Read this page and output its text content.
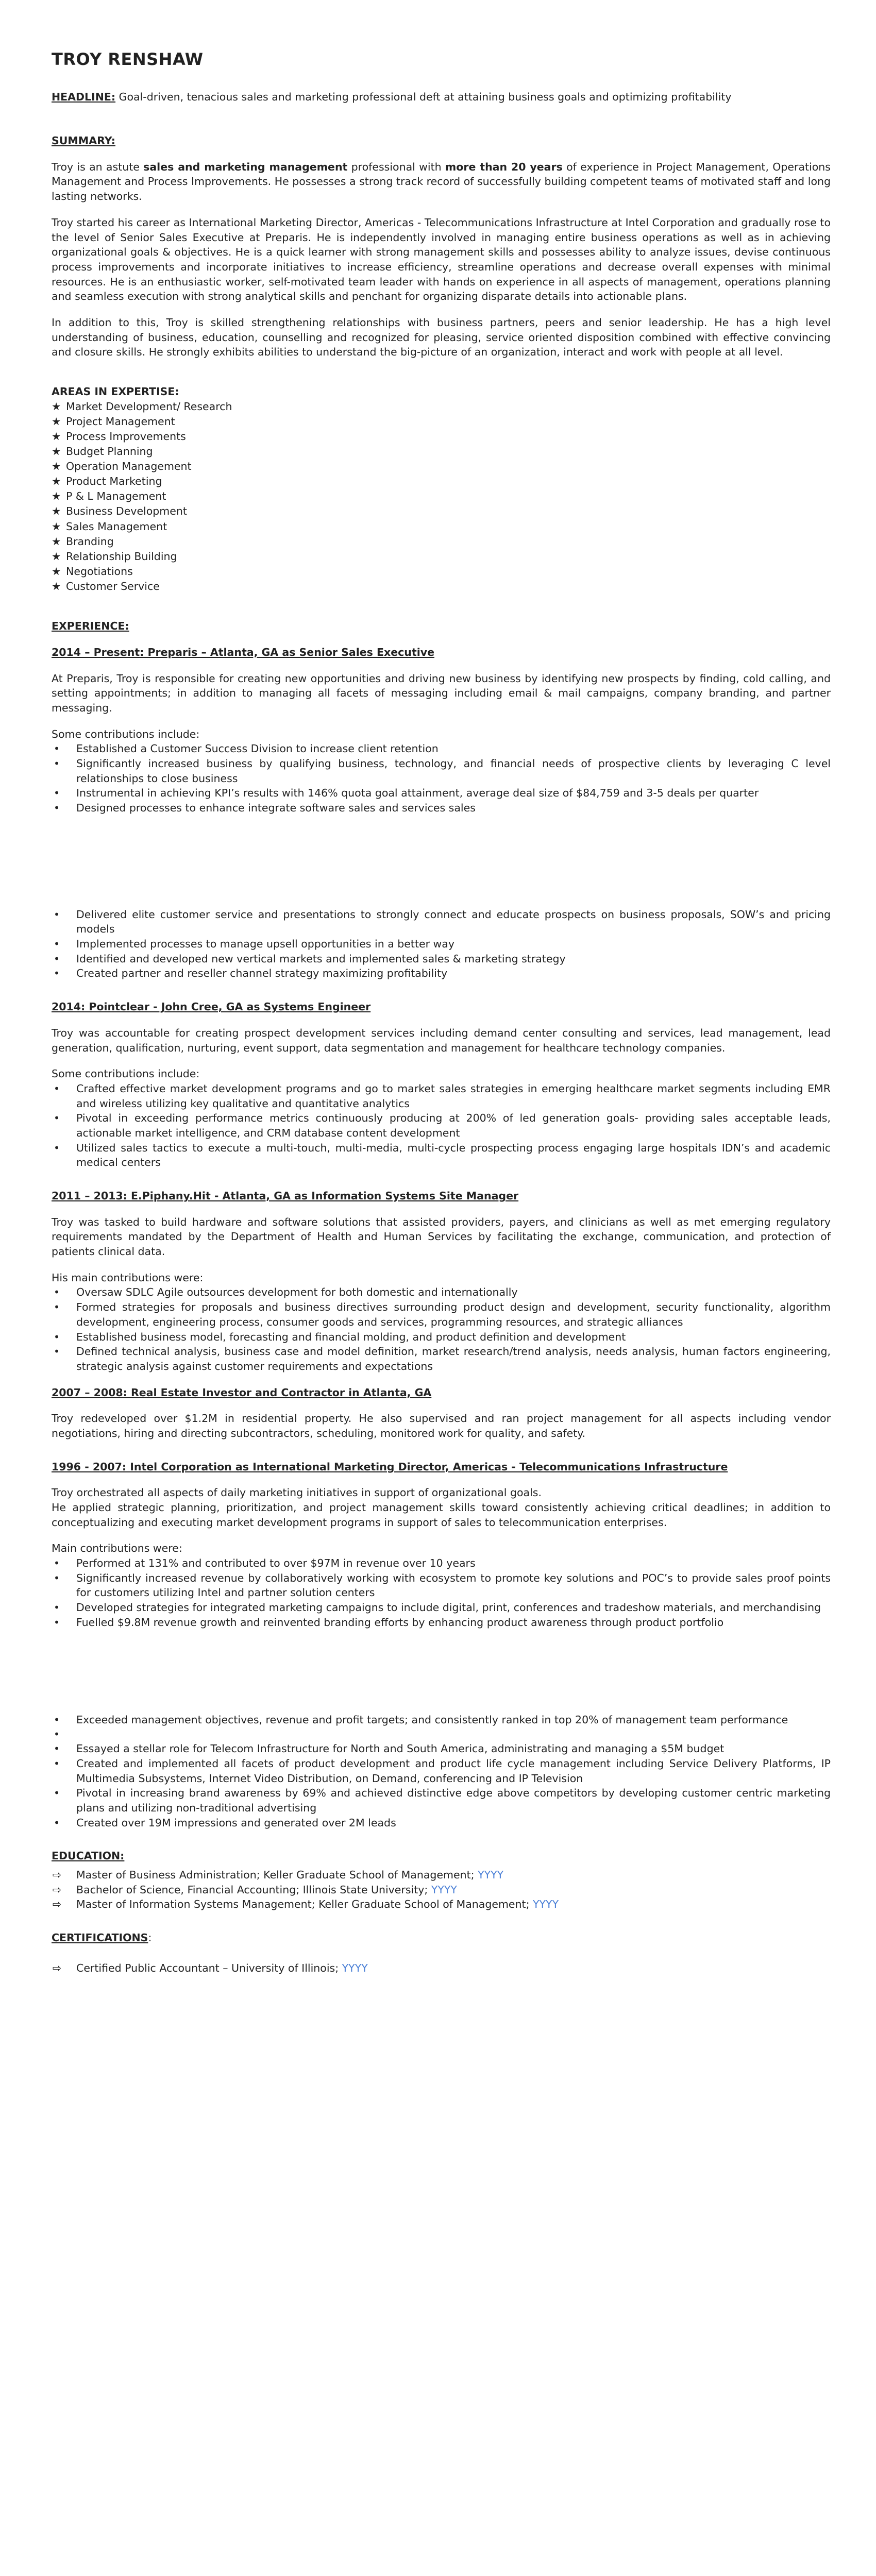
TROY RENSHAW

HEADLINE: Goal-driven, tenacious sales and marketing professional deft at attaining business goals and optimizing profitability

SUMMARY:

Troy is an astute sales and marketing management professional with more than 20 years of experience in Project Management, Operations Management and Process Improvements. He possesses a strong track record of successfully building competent teams of motivated staff and long lasting networks.

Troy started his career as International Marketing Director, Americas - Telecommunications Infrastructure at Intel Corporation and gradually rose to the level of Senior Sales Executive at Preparis. He is independently involved in managing entire business operations as well as in achieving organizational goals & objectives. He is a quick learner with strong management skills and possesses ability to analyze issues, devise continuous process improvements and incorporate initiatives to increase efficiency, streamline operations and decrease overall expenses with minimal resources. He is an enthusiastic worker, self-motivated team leader with hands on experience in all aspects of management, operations planning and seamless execution with strong analytical skills and penchant for organizing disparate details into actionable plans.

In addition to this, Troy is skilled strengthening relationships with business partners, peers and senior leadership. He has a high level understanding of business, education, counselling and recognized for pleasing, service oriented disposition combined with effective convincing and closure skills. He strongly exhibits abilities to understand the big-picture of an organization, interact and work with people at all level.

AREAS IN EXPERTISE:

★ Market Development/ Research
★ Project Management
★ Process Improvements
★ Budget Planning
★ Operation Management
★ Product Marketing
★ P & L Management
★ Business Development
★ Sales Management
★ Branding
★ Relationship Building
★ Negotiations
★ Customer Service

EXPERIENCE:

2014 – Present: Preparis – Atlanta, GA as Senior Sales Executive

At Preparis, Troy is responsible for creating new opportunities and driving new business by identifying new prospects by finding, cold calling, and setting appointments; in addition to managing all facets of messaging including email & mail campaigns, company branding, and partner messaging.

Some contributions include:

• Established a Customer Success Division to increase client retention
• Significantly increased business by qualifying business, technology, and financial needs of prospective clients by leveraging C level relationships to close business
• Instrumental in achieving KPI’s results with 146% quota goal attainment, average deal size of $84,759 and 3-5 deals per quarter
• Designed processes to enhance integrate software sales and services sales
• Delivered elite customer service and presentations to strongly connect and educate prospects on business proposals, SOW’s and pricing models
• Implemented processes to manage upsell opportunities in a better way
• Identified and developed new vertical markets and implemented sales & marketing strategy
• Created partner and reseller channel strategy maximizing profitability

2014: Pointclear - John Cree, GA as Systems Engineer

Troy was accountable for creating prospect development services including demand center consulting and services, lead management, lead generation, qualification, nurturing, event support, data segmentation and management for healthcare technology companies.

Some contributions include:

• Crafted effective market development programs and go to market sales strategies in emerging healthcare market segments including EMR and wireless utilizing key qualitative and quantitative analytics
• Pivotal in exceeding performance metrics continuously producing at 200% of led generation goals- providing sales acceptable leads, actionable market intelligence, and CRM database content development
• Utilized sales tactics to execute a multi-touch, multi-media, multi-cycle prospecting process engaging large hospitals IDN’s and academic medical centers

2011 – 2013: E.Piphany.Hit - Atlanta, GA as Information Systems Site Manager

Troy was tasked to build hardware and software solutions that assisted providers, payers, and clinicians as well as met emerging regulatory requirements mandated by the Department of Health and Human Services by facilitating the exchange, communication, and protection of patients clinical data.

His main contributions were:

• Oversaw SDLC Agile outsources development for both domestic and internationally
• Formed strategies for proposals and business directives surrounding product design and development, security functionality, algorithm development, engineering process, consumer goods and services, programming resources, and strategic alliances
• Established business model, forecasting and financial molding, and product definition and development
• Defined technical analysis, business case and model definition, market research/trend analysis, needs analysis, human factors engineering, strategic analysis against customer requirements and expectations

2007 – 2008: Real Estate Investor and Contractor in Atlanta, GA

Troy redeveloped over $1.2M in residential property. He also supervised and ran project management for all aspects including vendor negotiations, hiring and directing subcontractors, scheduling, monitored work for quality, and safety.

1996 - 2007: Intel Corporation as International Marketing Director, Americas - Telecommunications Infrastructure

Troy orchestrated all aspects of daily marketing initiatives in support of organizational goals.

He applied strategic planning, prioritization, and project management skills toward consistently achieving critical deadlines; in addition to conceptualizing and executing market development programs in support of sales to telecommunication enterprises.

Main contributions were:

• Performed at 131% and contributed to over $97M in revenue over 10 years
• Significantly increased revenue by collaboratively working with ecosystem to promote key solutions and POC’s to provide sales proof points for customers utilizing Intel and partner solution centers
• Developed strategies for integrated marketing campaigns to include digital, print, conferences and tradeshow materials, and merchandising
• Fuelled $9.8M revenue growth and reinvented branding efforts by enhancing product awareness through product portfolio
• Exceeded management objectives, revenue and profit targets; and consistently ranked in top 20% of management team performance
•
• Essayed a stellar role for Telecom Infrastructure for North and South America, administrating and managing a $5M budget
• Created and implemented all facets of product development and product life cycle management including Service Delivery Platforms, IP Multimedia Subsystems, Internet Video Distribution, on Demand, conferencing and IP Television
• Pivotal in increasing brand awareness by 69% and achieved distinctive edge above competitors by developing customer centric marketing plans and utilizing non-traditional advertising
• Created over 19M impressions and generated over 2M leads

EDUCATION:

⇨ Master of Business Administration; Keller Graduate School of Management; YYYY
⇨ Bachelor of Science, Financial Accounting; Illinois State University; YYYY
⇨ Master of Information Systems Management; Keller Graduate School of Management; YYYY

CERTIFICATIONS:

⇨ Certified Public Accountant – University of Illinois; YYYY
